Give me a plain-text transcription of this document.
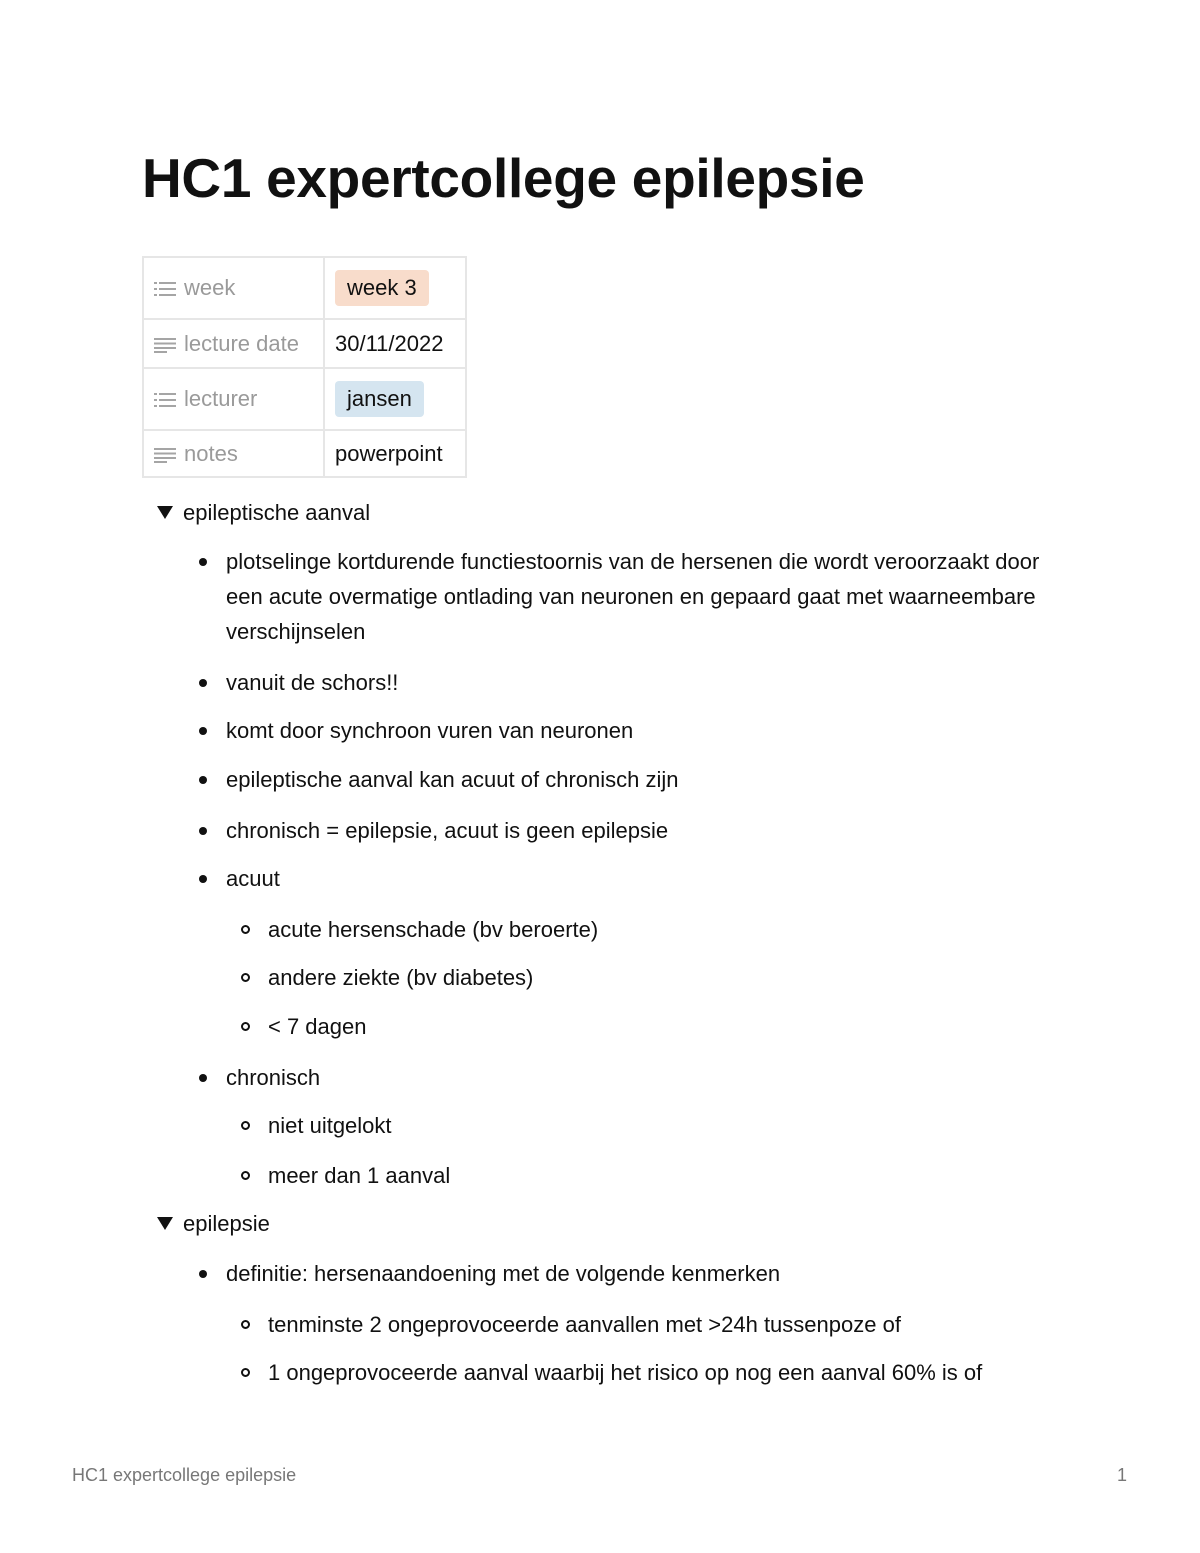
HC1 expertcollege epilepsie
week	week 3
lecture date	30/11/2022
lecturer	jansen
notes	powerpoint
epileptische aanval

plotselinge kortdurende functiestoornis van de hersenen die wordt veroorzaakt door een acute overmatige ontlading van neuronen en gepaard gaat met waarneembare verschijnselen

vanuit de schors!!

komt door synchroon vuren van neuronen

epileptische aanval kan acuut of chronisch zijn

chronisch = epilepsie, acuut is geen epilepsie

acuut

acute hersenschade (bv beroerte)

andere ziekte (bv diabetes)

< 7 dagen

chronisch

niet uitgelokt

meer dan 1 aanval

epilepsie

definitie: hersenaandoening met de volgende kenmerken

tenminste 2 ongeprovoceerde aanvallen met >24h tussenpoze of

1 ongeprovoceerde aanval waarbij het risico op nog een aanval 60% is of

HC1 expertcollege epilepsie	1
